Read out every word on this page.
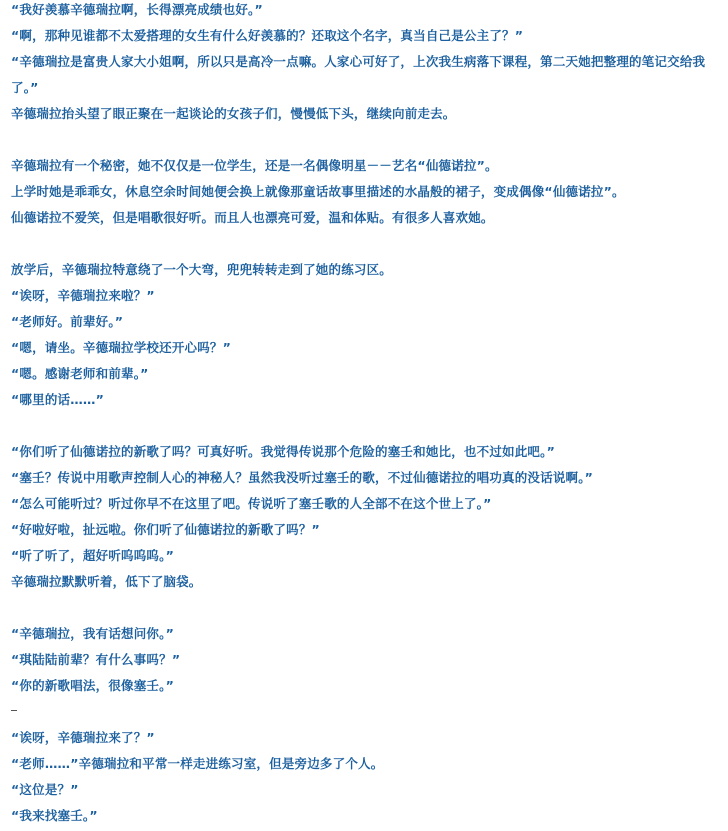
“我好羡慕辛德瑞拉啊，长得漂亮成绩也好。”
“啊，那种见谁都不太爱搭理的女生有什么好羡慕的？还取这个名字，真当自己是公主了？”
“辛德瑞拉是富贵人家大小姐啊，所以只是高冷一点嘛。人家心可好了，上次我生病落下课程，第二天她把整理的笔记交给我了。”
辛德瑞拉抬头望了眼正聚在一起谈论的女孩子们，慢慢低下头，继续向前走去。
辛德瑞拉有一个秘密，她不仅仅是一位学生，还是一名偶像明星－－艺名“仙德诺拉”。
上学时她是乖乖女，休息空余时间她便会换上就像那童话故事里描述的水晶般的裙子，变成偶像“仙德诺拉”。
仙德诺拉不爱笑，但是唱歌很好听。而且人也漂亮可爱，温和体贴。有很多人喜欢她。
放学后，辛德瑞拉特意绕了一个大弯，兜兜转转走到了她的练习区。
“诶呀，辛德瑞拉来啦？”
“老师好。前辈好。”
“嗯，请坐。辛德瑞拉学校还开心吗？”
“嗯。感谢老师和前辈。”
“哪里的话……”
“你们听了仙德诺拉的新歌了吗？可真好听。我觉得传说那个危险的塞壬和她比，也不过如此吧。”
“塞壬？传说中用歌声控制人心的神秘人？虽然我没听过塞壬的歌，不过仙德诺拉的唱功真的没话说啊。”
“怎么可能听过？听过你早不在这里了吧。传说听了塞壬歌的人全部不在这个世上了。”
“好啦好啦，扯远啦。你们听了仙德诺拉的新歌了吗？”
“听了听了，超好听呜呜呜。”
辛德瑞拉默默听着，低下了脑袋。
“辛德瑞拉，我有话想问你。”
“琪陆陆前辈？有什么事吗？”
“你的新歌唱法，很像塞壬。”
“诶呀，辛德瑞拉来了？”
“老师……”辛德瑞拉和平常一样走进练习室，但是旁边多了个人。
“这位是？”
“我来找塞壬。”
